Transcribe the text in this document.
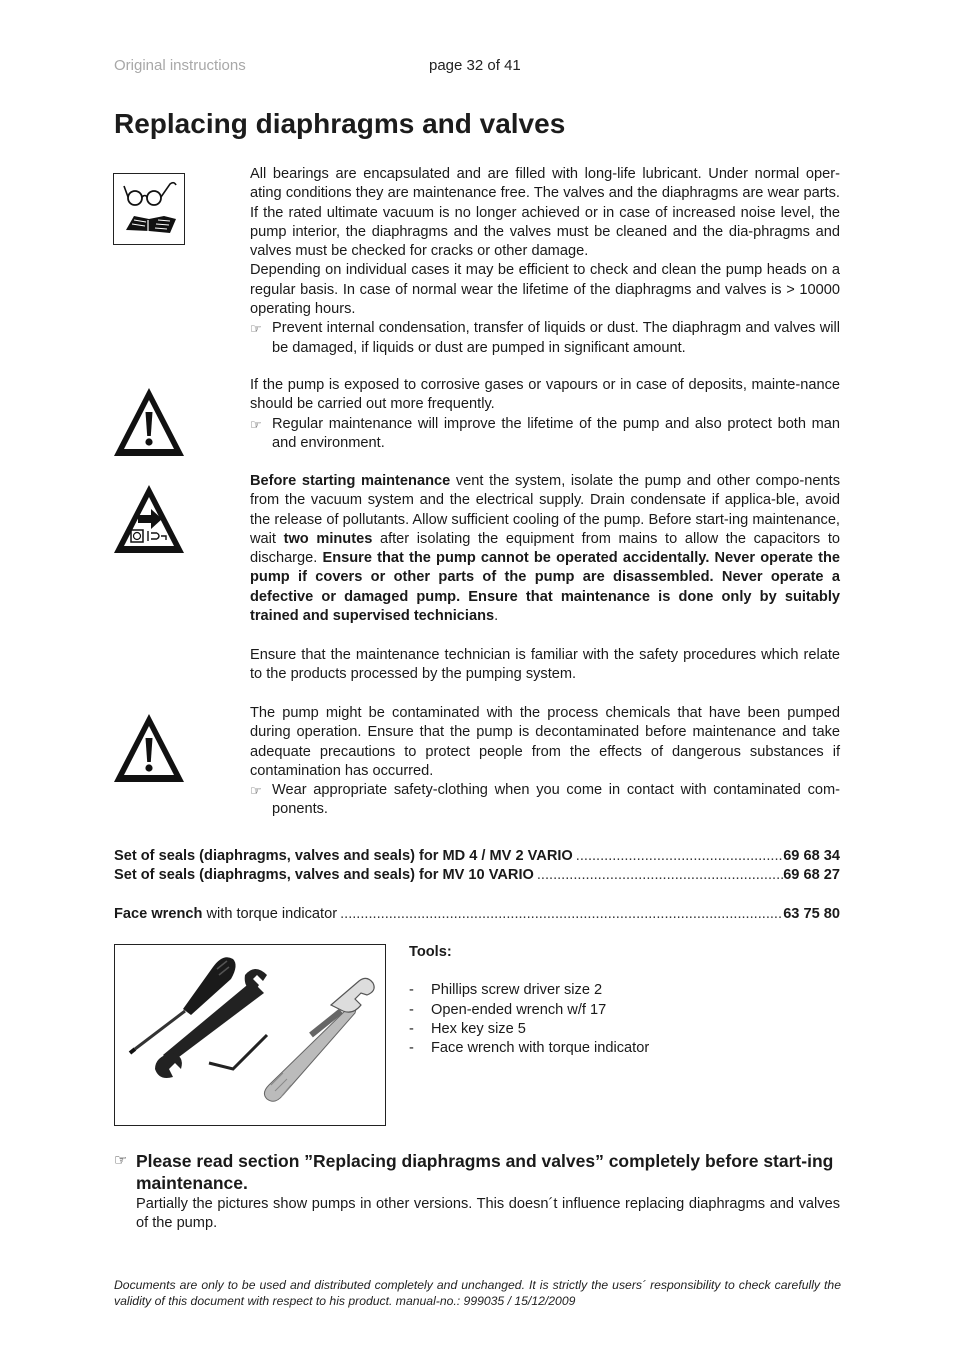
Original instructions	page 32 of 41
Replacing diaphragms and valves

All bearings are encapsulated and are filled with long-life lubricant. Under normal oper-ating conditions they are maintenance free. The valves and the diaphragms are wear parts. If the rated ultimate vacuum is no longer achieved or in case of increased noise level, the pump interior, the diaphragms and the valves must be cleaned and the dia-phragms and valves must be checked for cracks or other damage.

Depending on individual cases it may be efficient to check and clean the pump heads on a regular basis. In case of normal wear the lifetime of the diaphragms and valves is > 10000 operating hours.

☞ Prevent internal condensation, transfer of liquids or dust. The diaphragm and valves will be damaged, if liquids or dust are pumped in significant amount.

If the pump is exposed to corrosive gases or vapours or in case of deposits, mainte-nance should be carried out more frequently.

☞ Regular maintenance will improve the lifetime of the pump and also protect both man and environment.

Before starting maintenance vent the system, isolate the pump and other compo-nents from the vacuum system and the electrical supply. Drain condensate if applica-ble, avoid the release of pollutants. Allow sufficient cooling of the pump. Before start-ing maintenance, wait two minutes after isolating the equipment from mains to allow the capacitors to discharge. Ensure that the pump cannot be operated accidentally. Never operate the pump if covers or other parts of the pump are disassembled. Never operate a defective or damaged pump. Ensure that maintenance is done only by suitably trained and supervised technicians.

Ensure that the maintenance technician is familiar with the safety procedures which relate to the products processed by the pumping system.

The pump might be contaminated with the process chemicals that have been pumped during operation. Ensure that the pump is decontaminated before maintenance and take adequate precautions to protect people from the effects of dangerous substances if contamination has occurred.

☞ Wear appropriate safety-clothing when you come in contact with contaminated com-ponents.
Set of seals (diaphragms, valves and seals) for MD 4 / MV 2 VARIO .....	69 68 34
Set of seals (diaphragms, valves and seals) for MV 10 VARIO .....	69 68 27
Face wrench with torque indicator .....	63 75 80
Tools:
-	Phillips screw driver size 2
-	Open-ended wrench w/f 17
-	Hex key size 5
-	Face wrench with torque indicator
☞ Please read section ”Replacing diaphragms and valves” completely before start-ing maintenance.
Partially the pictures show pumps in other versions. This doesn´t influence replacing diaphragms and valves of the pump.
Documents are only to be used and distributed completely and unchanged. It is strictly the users´ responsibility to check carefully the validity of this document with respect to his product. manual-no.: 999035 / 15/12/2009
